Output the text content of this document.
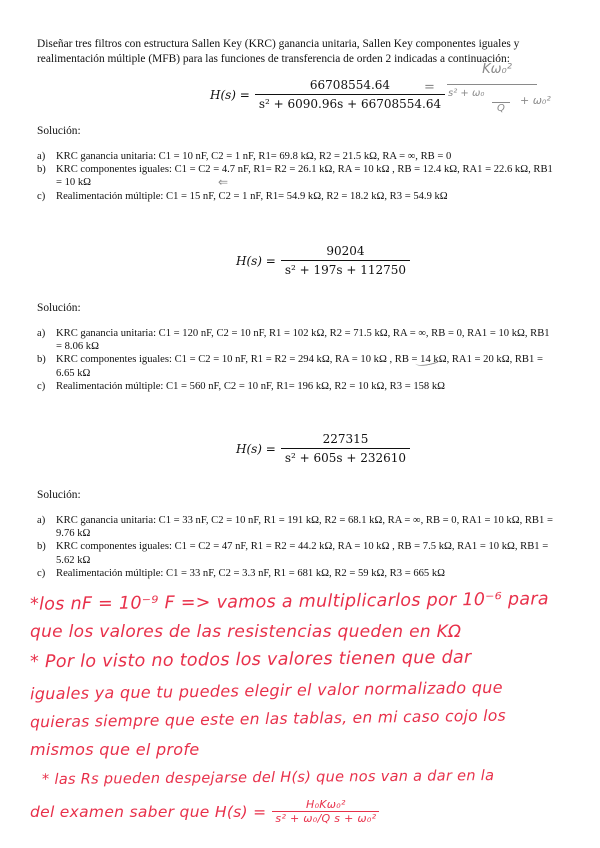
Diseñar tres filtros con estructura Sallen Key (KRC) ganancia unitaria, Sallen Key componentes iguales y realimentación múltiple (MFB) para las funciones de transferencia de orden 2 indicadas a continuación:
$H(s) = \frac{66708554.64}{\text{s² + 6090.96s + 66708554.64}}$
=
Kω₀²
s² + ω₀
Q
+ ω₀²
Solución:
a)	KRC ganancia unitaria: C1 = 10 nF, C2 = 1 nF, R1= 69.8 kΩ, R2 = 21.5 kΩ, RA = ∞, RB = 0
b) KRC componentes iguales: C1 = C2 = 4.7 nF, R1= R2 = 26.1 kΩ, RA = 10 kΩ , RB = 12.4 kΩ, RA1 = 22.6 kΩ, RB1 = 10 kΩ
c)	Realimentación múltiple: C1 = 15 nF, C2 = 1 nF, R1= 54.9 kΩ, R2 = 18.2 kΩ, R3 = 54.9 kΩ
⇐
$H(s) = \frac{90204}{\text{s² + 197s + 112750}}$
Solución:
a)	KRC ganancia unitaria: C1 = 120 nF, C2 = 10 nF, R1 = 102 kΩ, R2 = 71.5 kΩ, RA = ∞, RB = 0, RA1 = 10 kΩ, RB1 = 8.06 kΩ
b) KRC componentes iguales: C1 = C2 = 10 nF, R1 = R2 = 294 kΩ, RA = 10 kΩ , RB = 14 kΩ, RA1 = 20 kΩ, RB1 = 6.65 kΩ
c)	Realimentación múltiple: C1 = 560 nF, C2 = 10 nF, R1= 196 kΩ, R2 = 10 kΩ, R3 = 158 kΩ
$H(s) = \frac{227315}{\text{s² + 605s + 232610}}$
Solución:
a)	KRC ganancia unitaria: C1 = 33 nF, C2 = 10 nF, R1 = 191 kΩ, R2 = 68.1 kΩ, RA = ∞, RB = 0, RA1 = 10 kΩ, RB1 = 9.76 kΩ
b) KRC componentes iguales: C1 = C2 = 47 nF, R1 = R2 = 44.2 kΩ, RA = 10 kΩ , RB = 7.5 kΩ, RA1 = 10 kΩ, RB1 = 5.62 kΩ
c)	Realimentación múltiple: C1 = 33 nF, C2 = 3.3 nF, R1 = 681 kΩ, R2 = 59 kΩ, R3 = 665 kΩ
*los nF = 10⁻⁹ F => vamos a multiplicarlos por 10⁻⁶ para
que los valores de las resistencias queden en KΩ
* Por lo visto no todos los valores tienen que dar
iguales ya que tu puedes elegir el valor normalizado que
quieras siempre que este en las tablas, en mi caso cojo los
mismos que el profe
* las Rs pueden despejarse del H(s) que nos van a dar en la
del examen saber que $H(s) = \frac{\text{H₀Kω₀²}}{\text{s² + ω₀/Q s + ω₀²}}$
